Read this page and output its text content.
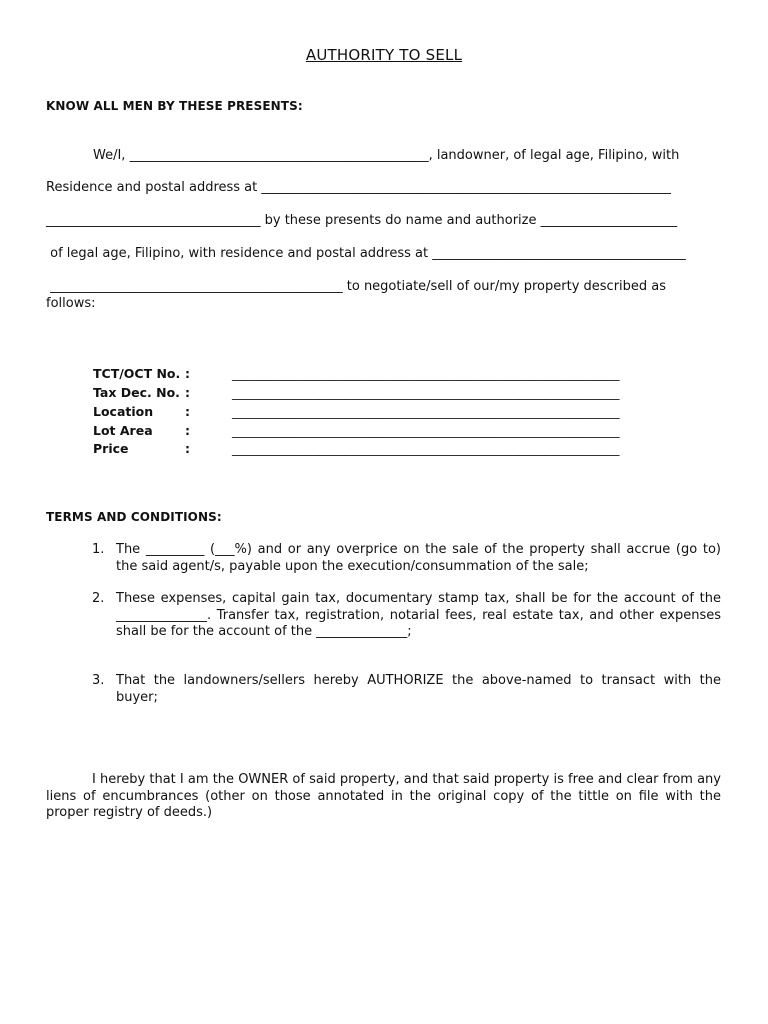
AUTHORITY TO SELL
KNOW ALL MEN BY THESE PRESENTS:
We/I, ______________________________________________, landowner, of legal age, Filipino, with
Residence and postal address at _______________________________________________________________
_________________________________ by these presents do name and authorize _____________________
of legal age, Filipino, with residence and postal address at _______________________________________
_____________________________________________ to negotiate/sell of our/my property described as
follows:
TCT/OCT No. :	______________________________________________________________
Tax Dec. No. :	______________________________________________________________
Location	:	______________________________________________________________
Lot Area	:	______________________________________________________________
Price	:	______________________________________________________________
TERMS AND CONDITIONS:
1. The _________ (___%) and or any overprice on the sale of the property shall accrue (go to) the said agent/s, payable upon the execution/consummation of the sale;
2. These expenses, capital gain tax, documentary stamp tax, shall be for the account of the ______________. Transfer tax, registration, notarial fees, real estate tax, and other expenses shall be for the account of the ______________;
3. That the landowners/sellers hereby AUTHORIZE the above-named to transact with the buyer;
I hereby that I am the OWNER of said property, and that said property is free and clear from any liens of encumbrances (other on those annotated in the original copy of the tittle on file with the proper registry of deeds.)
